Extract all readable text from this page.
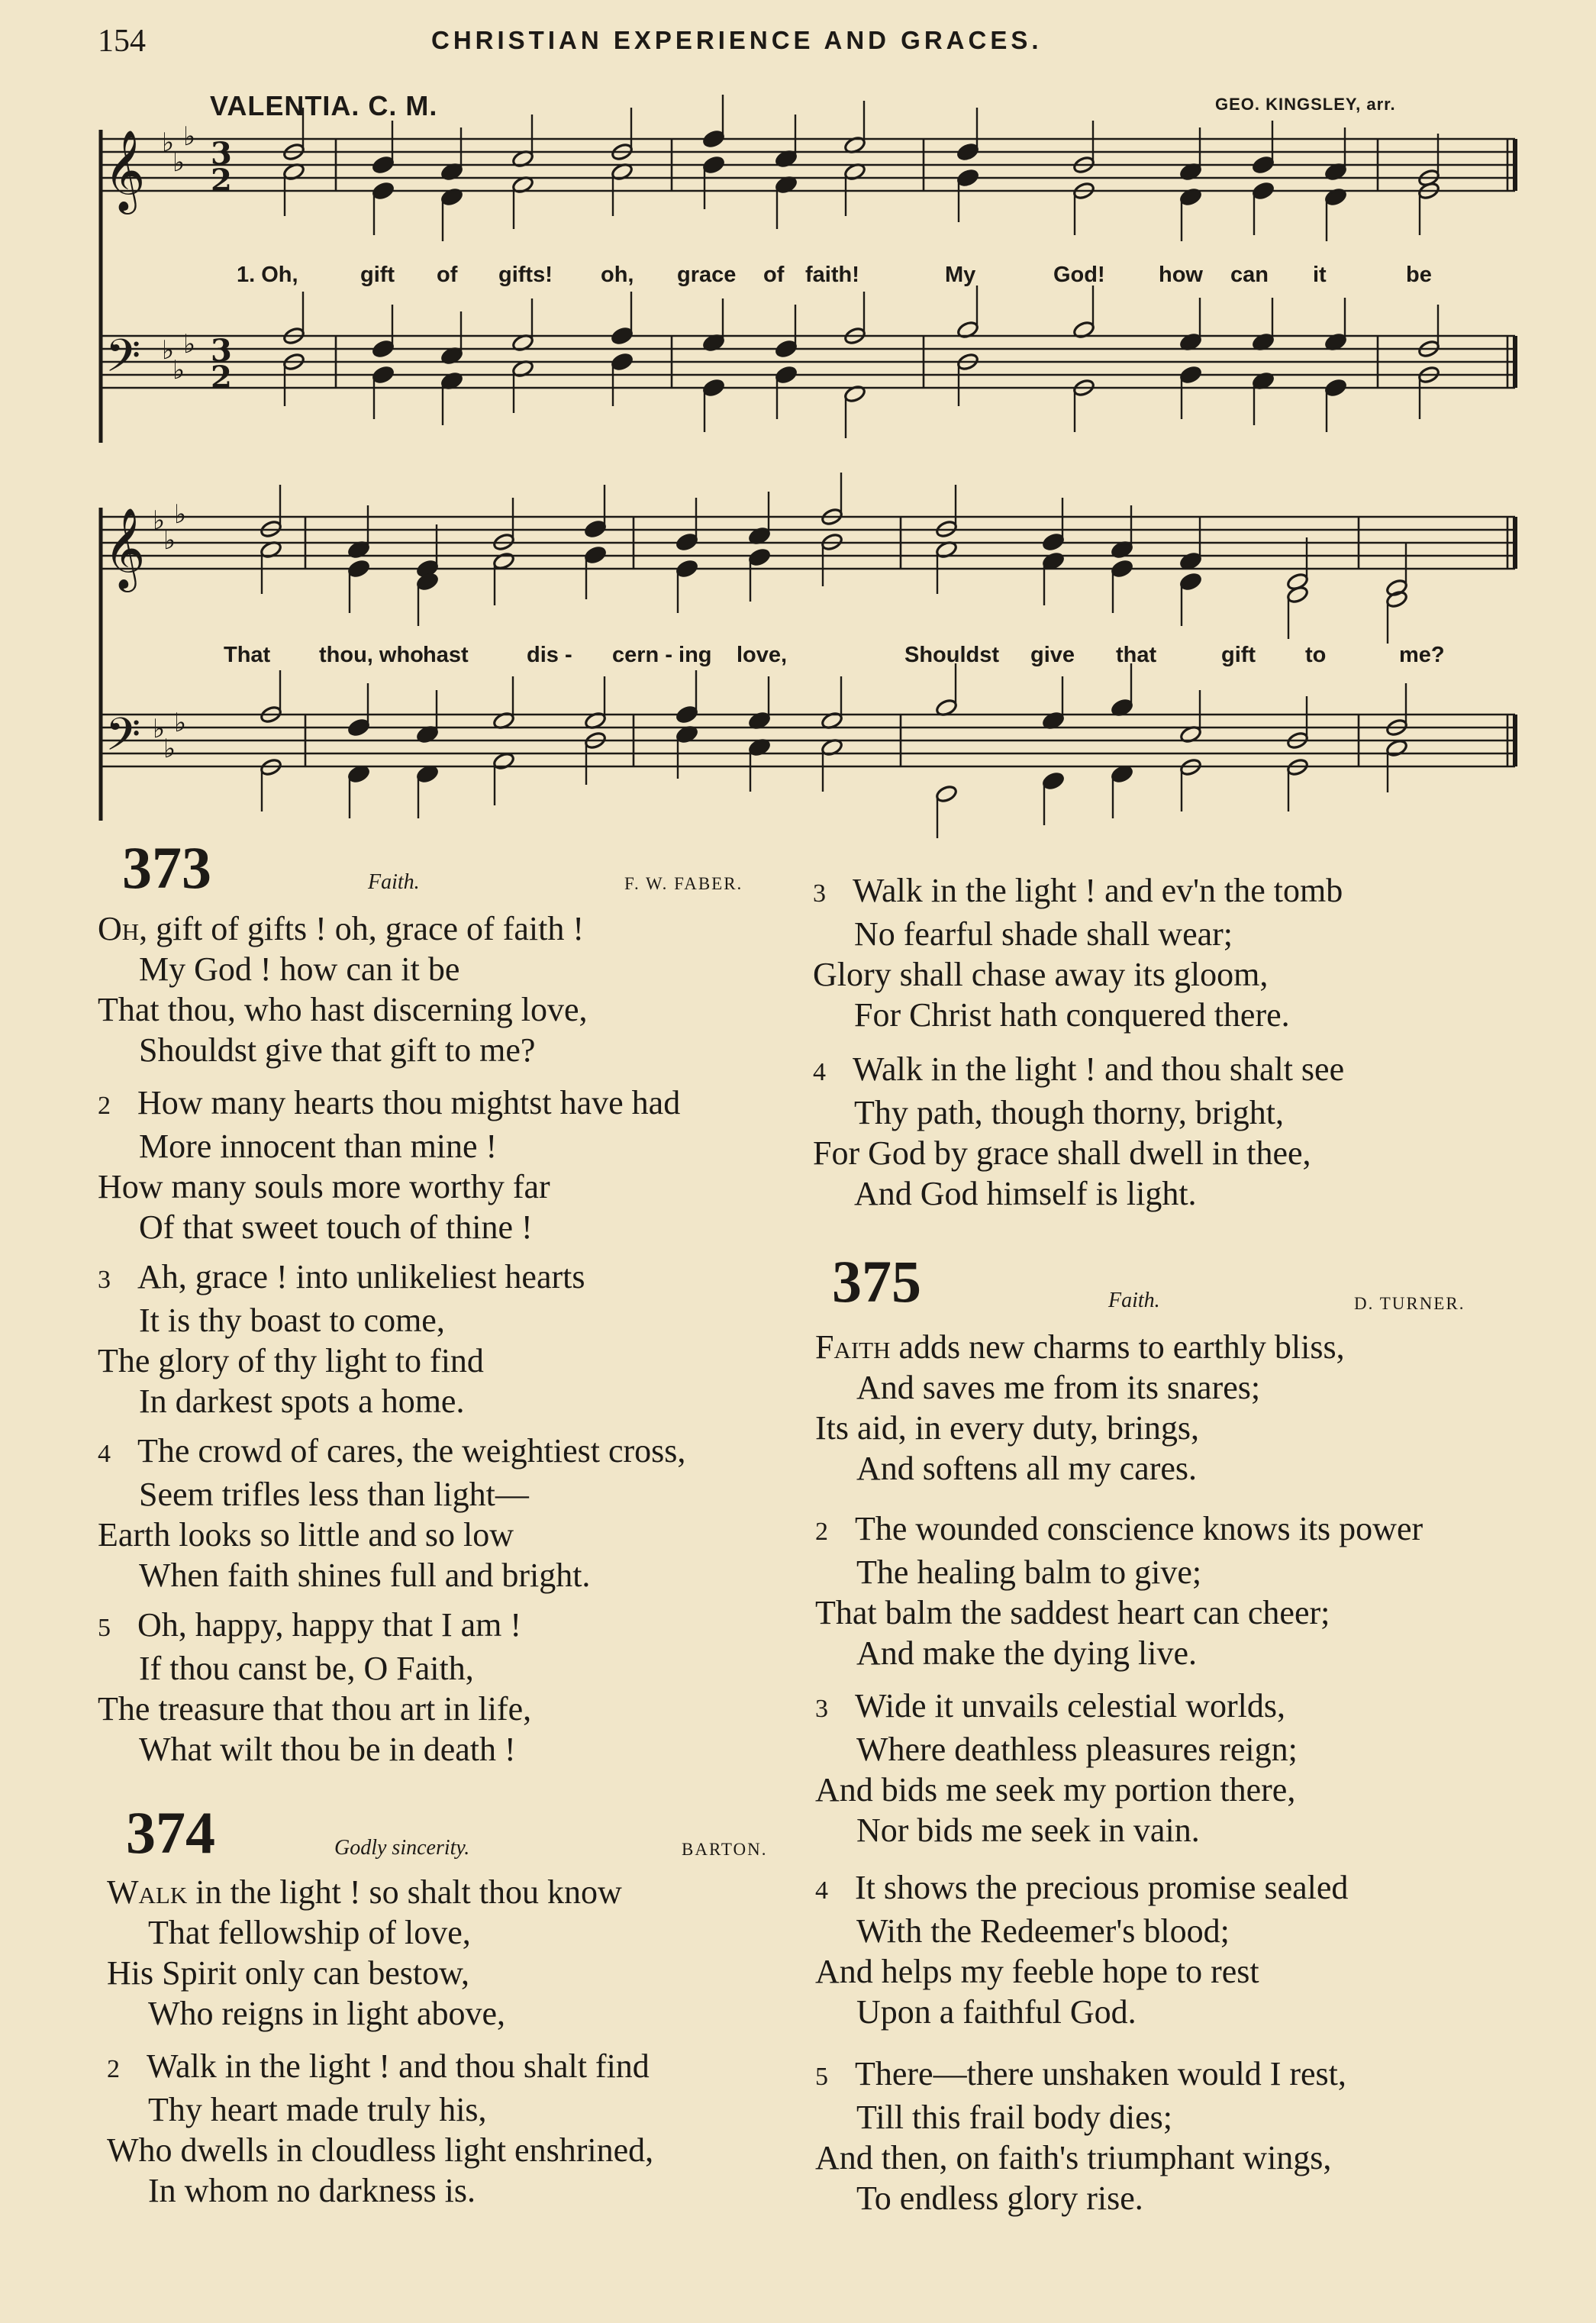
154	CHRISTIAN EXPERIENCE AND GRACES.
VALENTIA. C. M.	GEO. KINGSLEY, arr.
𝄞
𝄞
𝄢
𝄢
♭
♭
♭
♭
♭
♭
♭
♭
♭
♭
♭
♭
3
2
3
2
1. Oh,	gift of gifts! oh, grace of faith!	My	God! how can it	be
That thou, who hast	dis - cern - ing love,	Shouldst give that	gift to	me?
373	Faith.	F. W. FABER.
Oh, gift of gifts ! oh, grace of faith !
My God ! how can it be
That thou, who hast discerning love,
Shouldst give that gift to me?
2 How many hearts thou mightst have had
More innocent than mine !
How many souls more worthy far
Of that sweet touch of thine !
3 Ah, grace ! into unlikeliest hearts
It is thy boast to come,
The glory of thy light to find
In darkest spots a home.
4 The crowd of cares, the weightiest cross,
Seem trifles less than light—
Earth looks so little and so low
When faith shines full and bright.
5 Oh, happy, happy that I am !
If thou canst be, O Faith,
The treasure that thou art in life,
What wilt thou be in death !
374	Godly sincerity.	BARTON.
Walk in the light ! so shalt thou know
That fellowship of love,
His Spirit only can bestow,
Who reigns in light above,
2 Walk in the light ! and thou shalt find
Thy heart made truly his,
Who dwells in cloudless light enshrined,
In whom no darkness is.
3 Walk in the light ! and ev'n the tomb
No fearful shade shall wear;
Glory shall chase away its gloom,
For Christ hath conquered there.
4 Walk in the light ! and thou shalt see
Thy path, though thorny, bright,
For God by grace shall dwell in thee,
And God himself is light.
375	Faith.	D. TURNER.
Faith adds new charms to earthly bliss,
And saves me from its snares;
Its aid, in every duty, brings,
And softens all my cares.
2 The wounded conscience knows its power
The healing balm to give;
That balm the saddest heart can cheer;
And make the dying live.
3 Wide it unvails celestial worlds,
Where deathless pleasures reign;
And bids me seek my portion there,
Nor bids me seek in vain.
4 It shows the precious promise sealed
With the Redeemer's blood;
And helps my feeble hope to rest
Upon a faithful God.
5 There—there unshaken would I rest,
Till this frail body dies;
And then, on faith's triumphant wings,
To endless glory rise.
